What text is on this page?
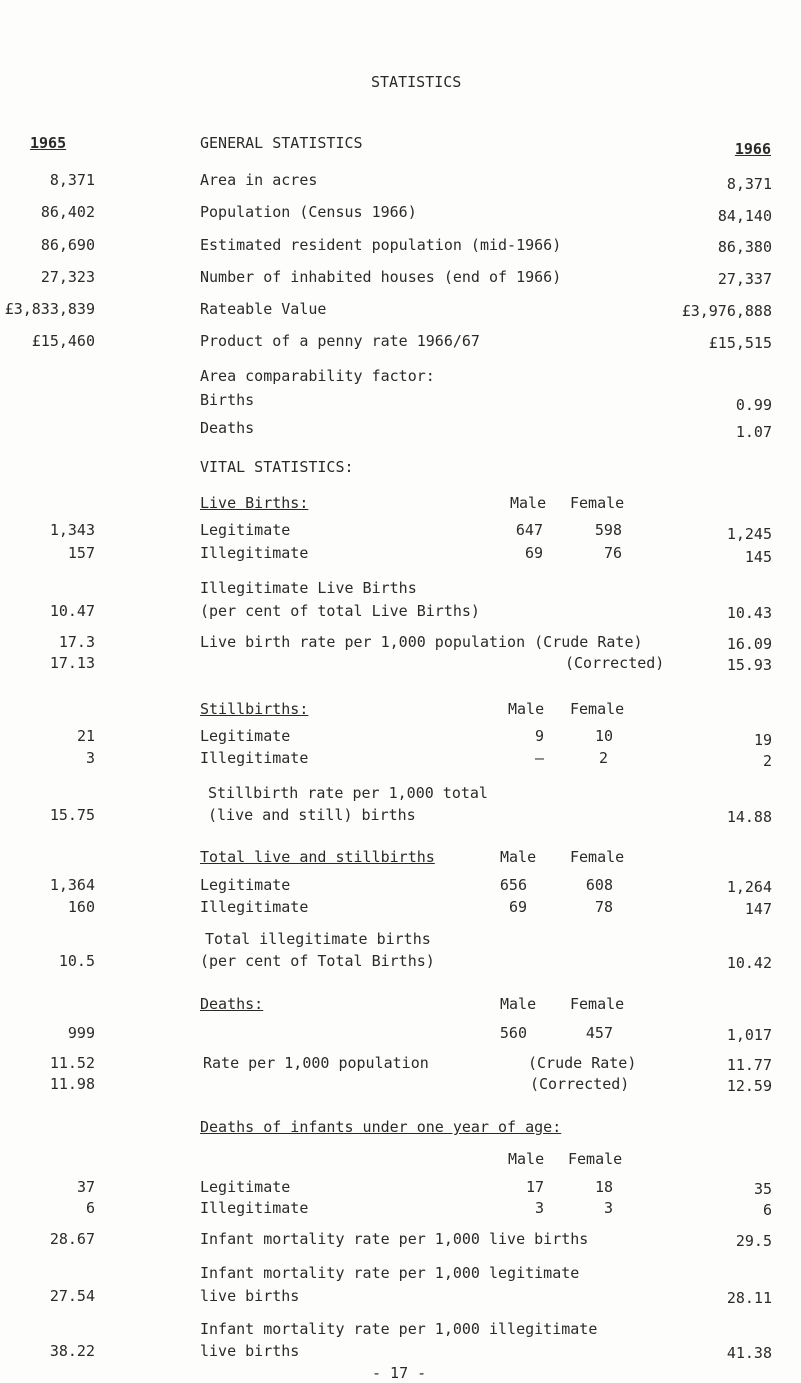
STATISTICS
1965	GENERAL STATISTICS	1966
8,371	Area in acres	8,371
86,402	Population (Census 1966)	84,140
86,690	Estimated resident population (mid-1966)	86,380
27,323	Number of inhabited houses (end of 1966)	27,337
£3,833,839	Rateable Value	£3,976,888
£15,460	Product of a penny rate 1966/67	£15,515
Area comparability factor:
Births	0.99
Deaths	1.07
VITAL STATISTICS:
Live Births:	Male Female
1,343	Legitimate	647	598	1,245
157	Illegitimate	69	76	145
Illegitimate Live Births
10.47	(per cent of total Live Births)	10.43
17.3	Live birth rate per 1,000 population (Crude Rate)	16.09
17.13	(Corrected)	15.93
Stillbirths:	Male Female
21	Legitimate	9	10	19
3	Illegitimate	–	2	2
Stillbirth rate per 1,000 total
15.75	(live and still) births	14.88
Total live and stillbirths	Male Female
1,364	Legitimate	656	608	1,264
160	Illegitimate	69	78	147
Total illegitimate births
10.5	(per cent of Total Births)	10.42
Deaths:	Male Female
999	560	457	1,017
11.52	Rate per 1,000 population	(Crude Rate)	11.77
11.98	(Corrected)	12.59
Deaths of infants under one year of age:
Male Female
37	Legitimate	17	18	35
6	Illegitimate	3	3	6
28.67	Infant mortality rate per 1,000 live births	29.5
Infant mortality rate per 1,000 legitimate
27.54	live births	28.11
Infant mortality rate per 1,000 illegitimate
38.22	live births	41.38
- 17 -
